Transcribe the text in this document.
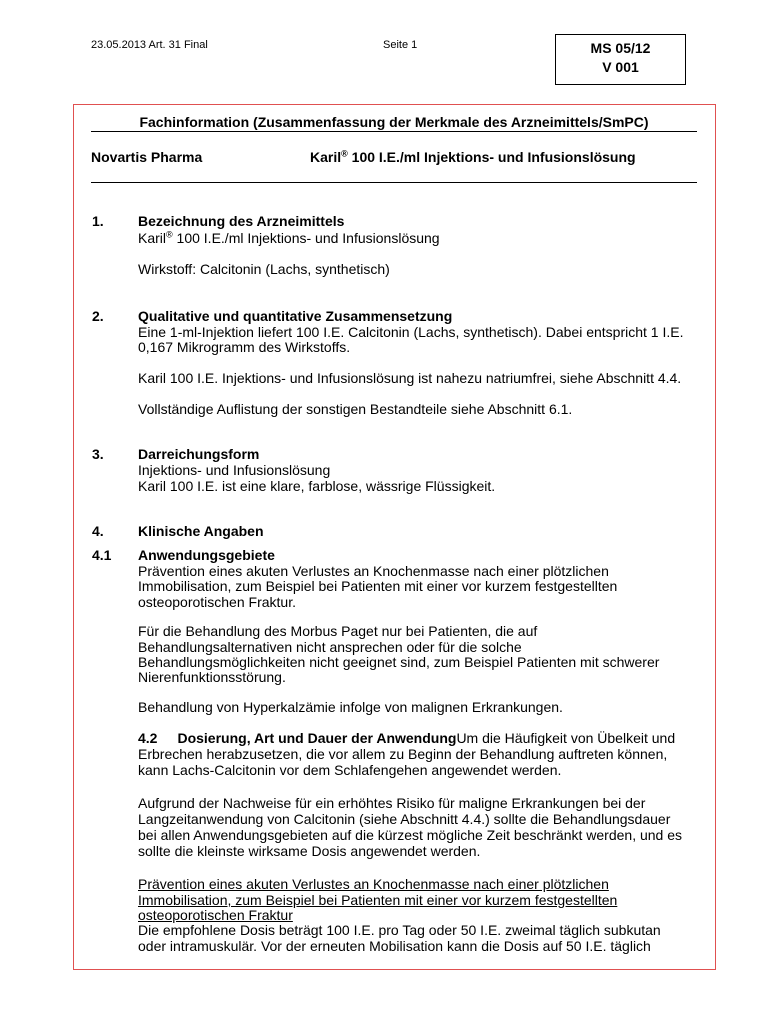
23.05.2013 Art. 31 Final	Seite 1	MS 05/12
V 001
Fachinformation (Zusammenfassung der Merkmale des Arzneimittels/SmPC)
Novartis Pharma	Karil® 100 I.E./ml Injektions- und Infusionslösung
1. Bezeichnung des Arzneimittels
Karil® 100 I.E./ml Injektions- und Infusionslösung
Wirkstoff: Calcitonin (Lachs, synthetisch)
2. Qualitative und quantitative Zusammensetzung
Eine 1-ml-Injektion liefert 100 I.E. Calcitonin (Lachs, synthetisch). Dabei entspricht 1 I.E.
0,167 Mikrogramm des Wirkstoffs.
Karil 100 I.E. Injektions- und Infusionslösung ist nahezu natriumfrei, siehe Abschnitt 4.4.
Vollständige Auflistung der sonstigen Bestandteile siehe Abschnitt 6.1.
3. Darreichungsform
Injektions- und Infusionslösung
Karil 100 I.E. ist eine klare, farblose, wässrige Flüssigkeit.
4. Klinische Angaben
4.1 Anwendungsgebiete
Prävention eines akuten Verlustes an Knochenmasse nach einer plötzlichen
Immobilisation, zum Beispiel bei Patienten mit einer vor kurzem festgestellten
osteoporotischen Fraktur.
Für die Behandlung des Morbus Paget nur bei Patienten, die auf
Behandlungsalternativen nicht ansprechen oder für die solche
Behandlungsmöglichkeiten nicht geeignet sind, zum Beispiel Patienten mit schwerer
Nierenfunktionsstörung.
Behandlung von Hyperkalzämie infolge von malignen Erkrankungen.
4.2 Dosierung, Art und Dauer der AnwendungUm die Häufigkeit von Übelkeit und
Erbrechen herabzusetzen, die vor allem zu Beginn der Behandlung auftreten können,
kann Lachs-Calcitonin vor dem Schlafengehen angewendet werden.
Aufgrund der Nachweise für ein erhöhtes Risiko für maligne Erkrankungen bei der
Langzeitanwendung von Calcitonin (siehe Abschnitt 4.4.) sollte die Behandlungsdauer
bei allen Anwendungsgebieten auf die kürzest mögliche Zeit beschränkt werden, und es
sollte die kleinste wirksame Dosis angewendet werden.
Prävention eines akuten Verlustes an Knochenmasse nach einer plötzlichen
Immobilisation, zum Beispiel bei Patienten mit einer vor kurzem festgestellten
osteoporotischen Fraktur
Die empfohlene Dosis beträgt 100 I.E. pro Tag oder 50 I.E. zweimal täglich subkutan
oder intramuskulär. Vor der erneuten Mobilisation kann die Dosis auf 50 I.E. täglich
